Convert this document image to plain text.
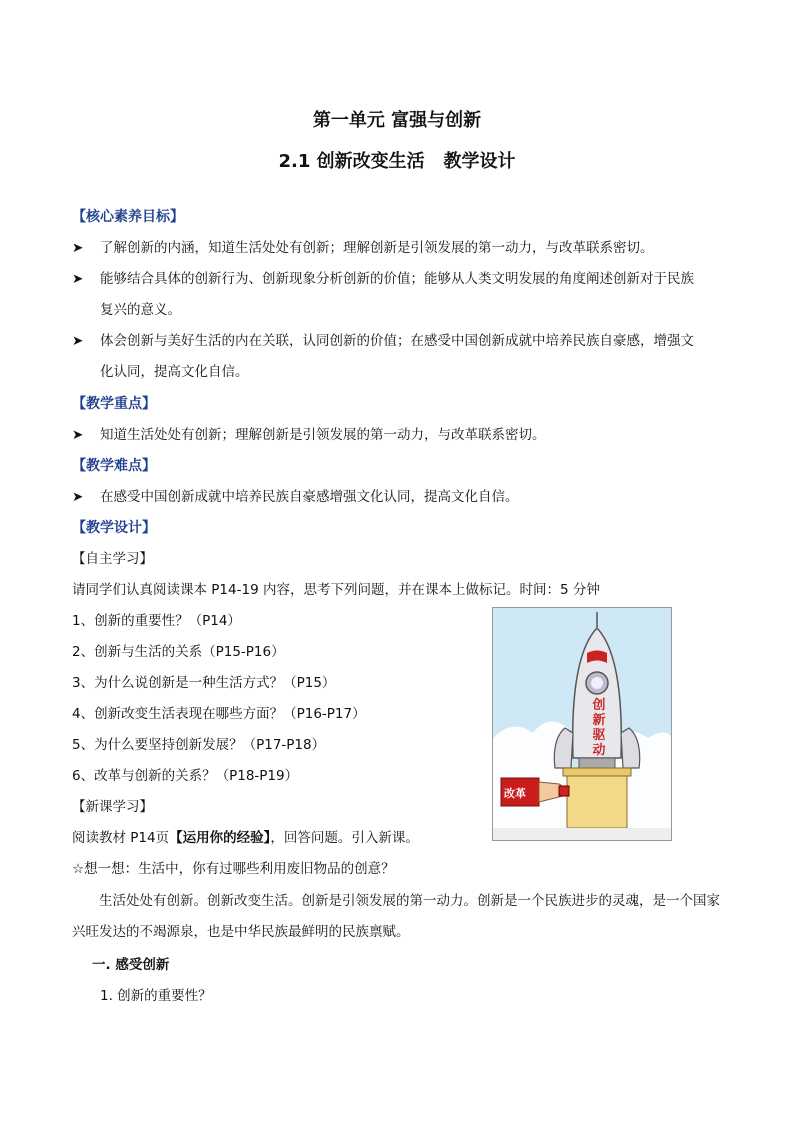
第一单元 富强与创新
2.1 创新改变生活   教学设计
【核心素养目标】
➤ 了解创新的内涵，知道生活处处有创新；理解创新是引领发展的第一动力，与改革联系密切。
➤ 能够结合具体的创新行为、创新现象分析创新的价值；能够从人类文明发展的角度阐述创新对于民族
复兴的意义。
➤ 体会创新与美好生活的内在关联，认同创新的价值；在感受中国创新成就中培养民族自豪感，增强文
化认同，提高文化自信。
【教学重点】
➤ 知道生活处处有创新；理解创新是引领发展的第一动力，与改革联系密切。
【教学难点】
➤ 在感受中国创新成就中培养民族自豪感增强文化认同，提高文化自信。
【教学设计】
【自主学习】
请同学们认真阅读课本 P14-19 内容，思考下列问题，并在课本上做标记。时间：5 分钟
1、创新的重要性？（P14）
2、创新与生活的关系（P15-P16）
3、为什么说创新是一种生活方式？（P15）
4、创新改变生活表现在哪些方面？（P16-P17）
5、为什么要坚持创新发展？（P17-P18）
6、改革与创新的关系？（P18-P19）
【新课学习】
阅读教材 P14页【运用你的经验】，回答问题。引入新课。
☆想一想：生活中，你有过哪些利用废旧物品的创意？
生活处处有创新。创新改变生活。创新是引领发展的第一动力。创新是一个民族进步的灵魂，是一个国家兴旺发达的不竭源泉，也是中华民族最鲜明的民族禀赋。
一. 感受创新
1. 创新的重要性？
创
新
驱
动
改革
